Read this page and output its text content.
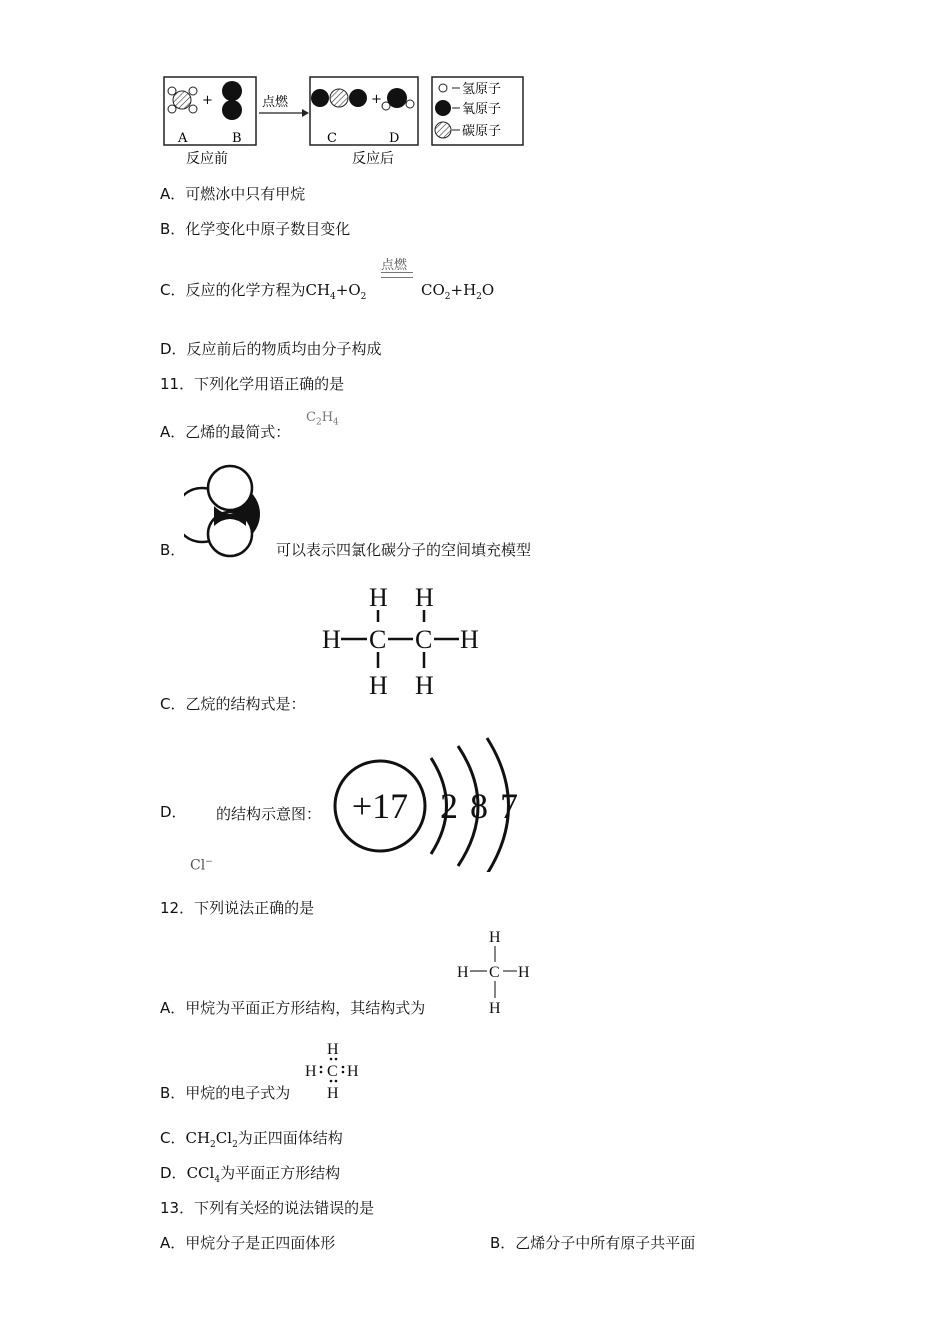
+
A	B
反应前
点燃	+
C	D
反应后
氢原子
氧原子
碳原子
A．可燃冰中只有甲烷
B．化学变化中原子数目变化
C．反应的化学方程为$CH_4+O_2$
点燃
$CO_2+H_2O$
D．反应前后的物质均由分子构成
11．下列化学用语正确的是
A．乙烯的最简式：
$C_2H_4$
B．	可以表示四氯化碳分子的空间填充模型
H H
H C C H
H H
C．乙烷的结构式是：
D． 的结构示意图： +17 2 8 7
Cl−
12．下列说法正确的是
H
H C H
H
A．甲烷为平面正方形结构，其结构式为
H
H C H
H
B．甲烷的电子式为
C．$CH_2Cl_2$为正四面体结构
D．CCl$_4$为平面正方形结构
13．下列有关烃的说法错误的是
A．甲烷分子是正四面体形	B．乙烯分子中所有原子共平面
